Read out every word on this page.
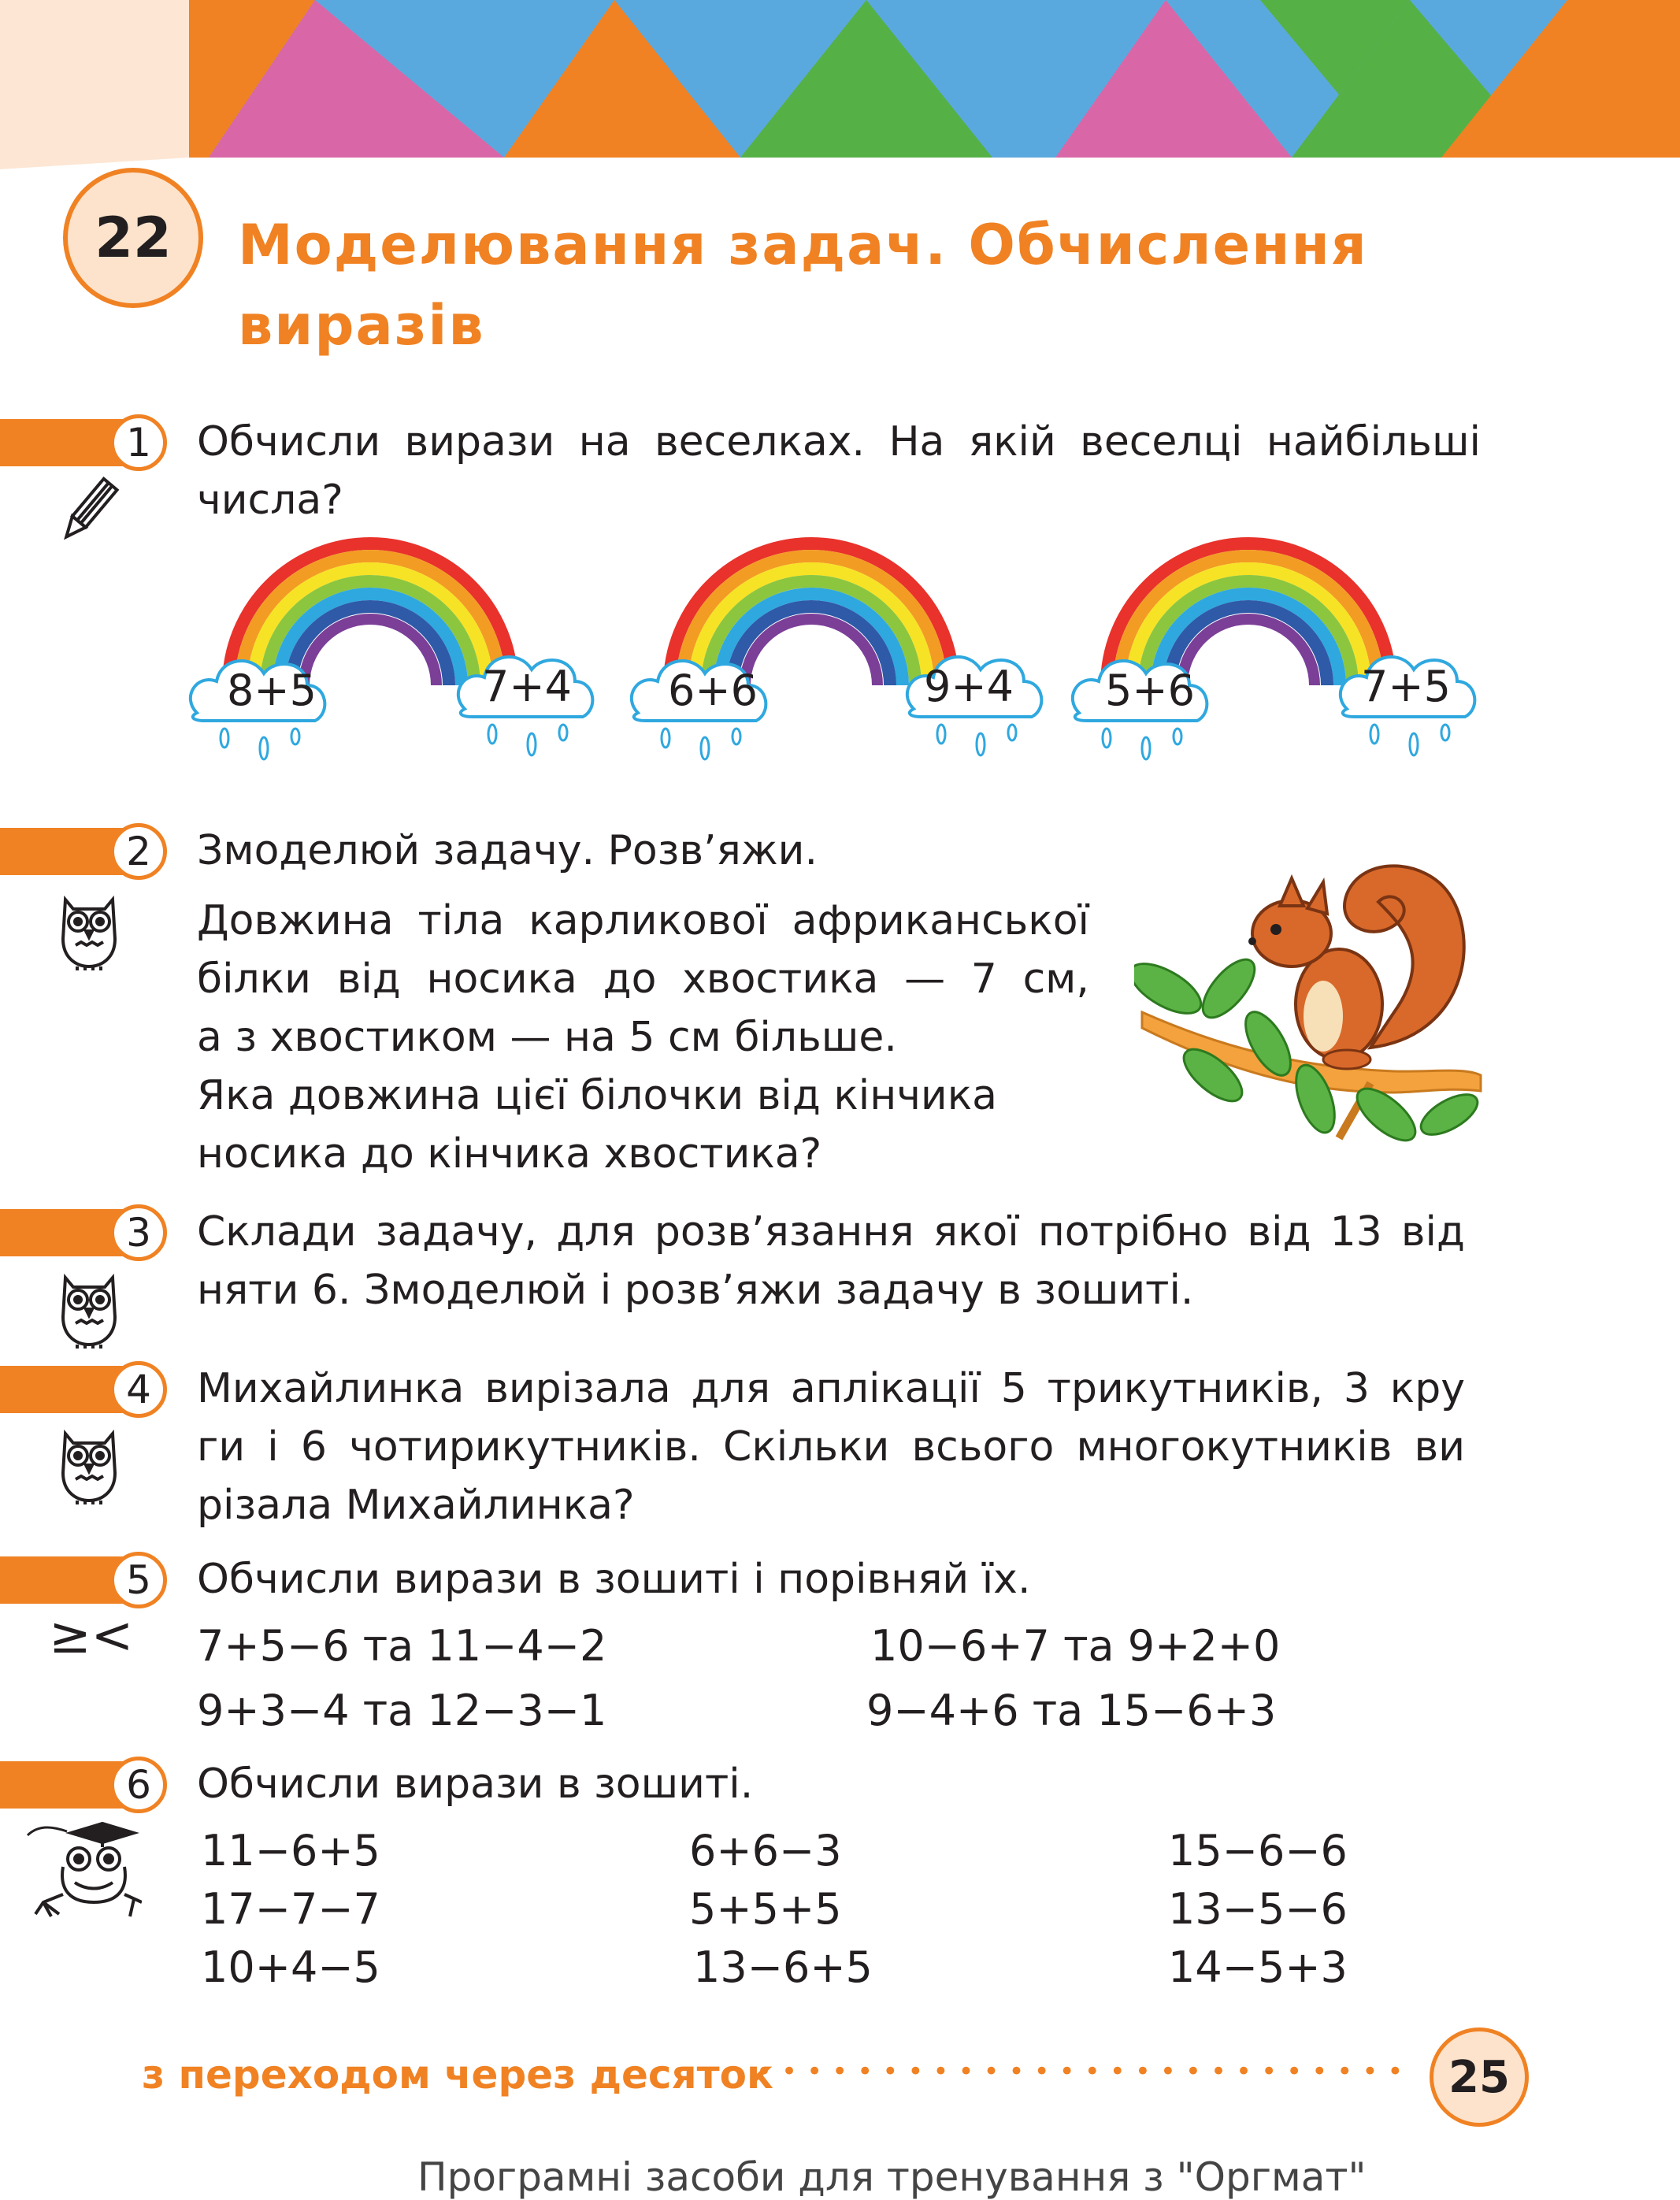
22	Моделювання задач. Обчислення
виразів
1	Обчисли вирази на веселках. На якій веселці найбільші
числа?
8+5	7+4 6+6	9+4 5+6	7+5
2	Змоделюй задачу. Розв’яжи.
Довжина тіла карликової африканської
білки від носика до хвостика — 7 см,
а з хвостиком — на 5 см більше.
Яка довжина цієї білочки від кінчика
носика до кінчика хвостика?
3	Склади задачу, для розв’язання якої потрібно від 13 від
няти 6. Змоделюй і розв’яжи задачу в зошиті.
4	Михайлинка вирізала для аплікації 5 трикутників, 3 кру
ги і 6 чотирикутників. Скільки всього многокутників ви
різала Михайлинка?
5
≥<
Обчисли вирази в зошиті і порівняй їх.
7+5−6 та 11−4−2	10−6+7 та 9+2+0
9+3−4 та 12−3−1	9−4+6 та 15−6+3
6	Обчисли вирази в зошиті.
11−6+5	6+6−3	15−6−6
17−7−7	5+5+5	13−5−6
10+4−5	13−6+5	14−5+3
з переходом через десяток
•••••••••••••••••••••••••• 25
Програмні засоби для тренування з "Оргмат"
